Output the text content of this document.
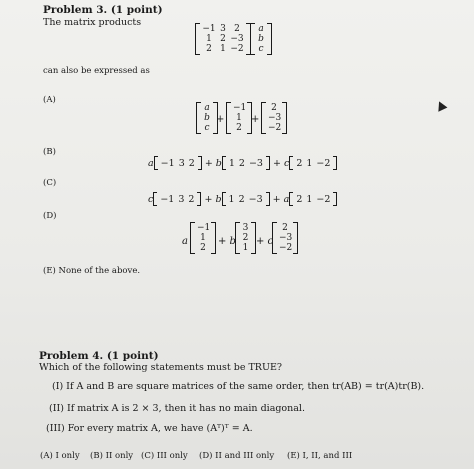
Problem 3. (1 point)
The matrix products
−1 3 2
1 2 −3
2 1 −2
a
b
c
can also be expressed as
(A)
a
b
c
+
−1
1
2
+
2
−3
−2
(B)
a −1 3 2
+ b 1 2 −3
+ c 2 1 −2
(C)
c −1 3 2
+ b 1 2 −3
+ a 2 1 −2
(D)
a
−1
1
2
+ b
3
2
1
+ c
2
−3
−2
(E) None of the above.
Problem 4. (1 point)
Which of the following statements must be TRUE?
(I) If A and B are square matrices of the same order, then tr(AB) = tr(A)tr(B).
(II) If matrix A is 2 × 3, then it has no main diagonal.
(III) For every matrix A, we have (Aᵀ)ᵀ = A.
(A) I only (B) II only (C) III only (D) II and III only (E) I, II, and III
